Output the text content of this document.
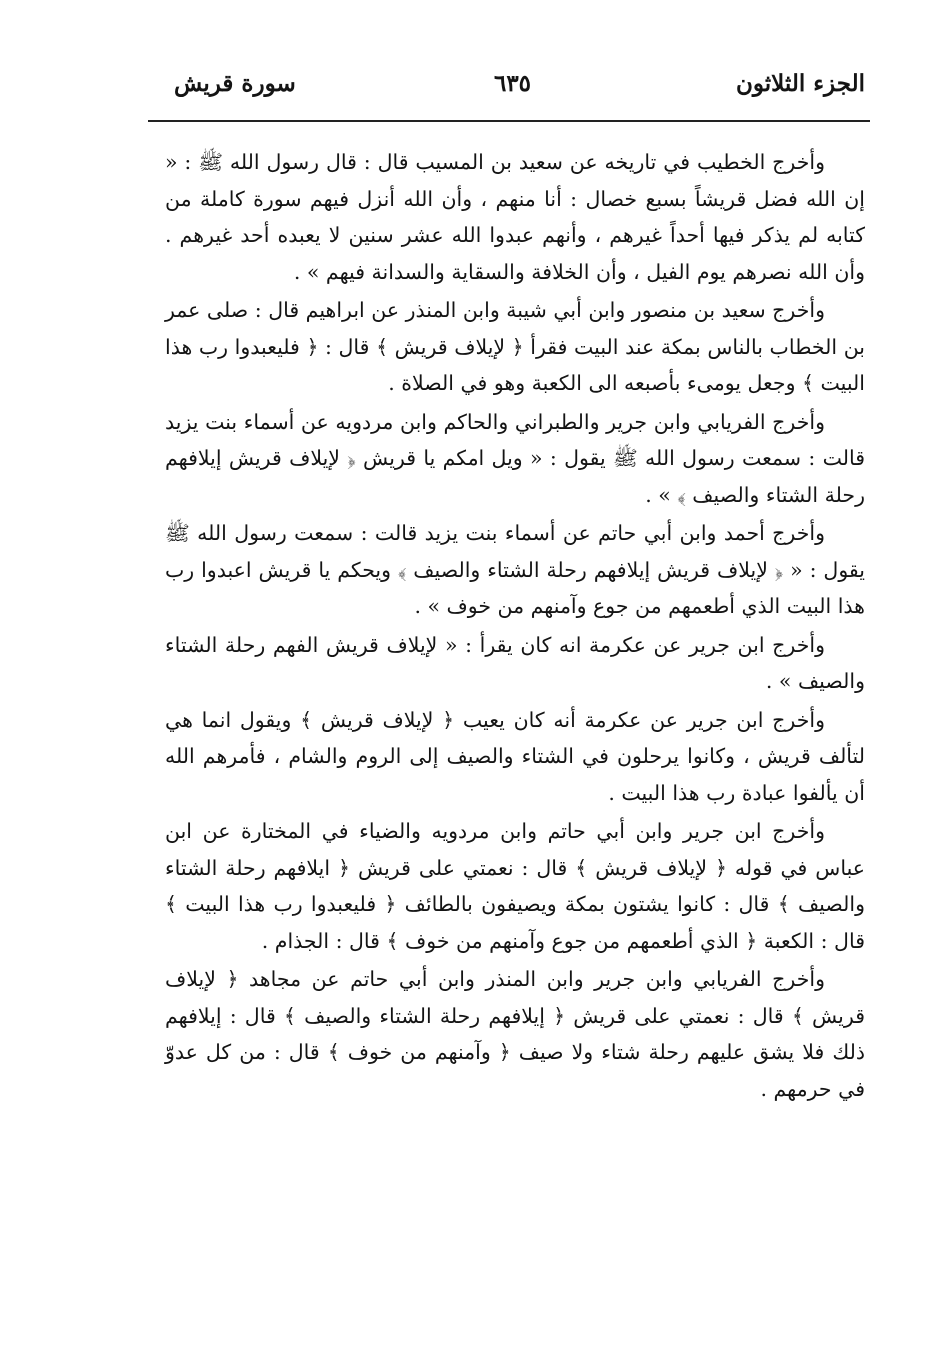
الجزء الثلاثون
٦٣٥
سورة قريش

وأخرج الخطيب في تاريخه عن سعيد بن المسيب قال : قال رسول الله ﷺ : « إن الله فضل قريشاً بسبع خصال : أنا منهم ، وأن الله أنزل فيهم سورة كاملة من كتابه لم يذكر فيها أحداً غيرهم ، وأنهم عبدوا الله عشر سنين لا يعبده أحد غيرهم . وأن الله نصرهم يوم الفيل ، وأن الخلافة والسقاية والسدانة فيهم » .

وأخرج سعيد بن منصور وابن أبي شيبة وابن المنذر عن ابراهيم قال : صلى عمر بن الخطاب بالناس بمكة عند البيت فقرأ ﴿ لإيلاف قريش ﴾ قال : ﴿ فليعبدوا رب هذا البيت ﴾ وجعل يومىء بأصبعه الى الكعبة وهو في الصلاة .

وأخرج الفريابي وابن جرير والطبراني والحاكم وابن مردويه عن أسماء بنت يزيد قالت : سمعت رسول الله ﷺ يقول : « ويل امكم يا قريش ﴿ لإيلاف قريش إيلافهم رحلة الشتاء والصيف ﴾ » .

وأخرج أحمد وابن أبي حاتم عن أسماء بنت يزيد قالت : سمعت رسول الله ﷺ يقول : « ﴿ لإيلاف قريش إيلافهم رحلة الشتاء والصيف ﴾ ويحكم يا قريش اعبدوا رب هذا البيت الذي أطعمهم من جوع وآمنهم من خوف » .

وأخرج ابن جرير عن عكرمة انه كان يقرأ : « لإيلاف قريش الفهم رحلة الشتاء والصيف » .

وأخرج ابن جرير عن عكرمة أنه كان يعيب ﴿ لإيلاف قريش ﴾ ويقول انما هي لتألف قريش ، وكانوا يرحلون في الشتاء والصيف إلى الروم والشام ، فأمرهم الله أن يألفوا عبادة رب هذا البيت .

وأخرج ابن جرير وابن أبي حاتم وابن مردويه والضياء في المختارة عن ابن عباس في قوله ﴿ لإيلاف قريش ﴾ قال : نعمتي على قريش ﴿ ايلافهم رحلة الشتاء والصيف ﴾ قال : كانوا يشتون بمكة ويصيفون بالطائف ﴿ فليعبدوا رب هذا البيت ﴾ قال : الكعبة ﴿ الذي أطعمهم من جوع وآمنهم من خوف ﴾ قال : الجذام .

وأخرج الفريابي وابن جرير وابن المنذر وابن أبي حاتم عن مجاهد ﴿ لإيلاف قريش ﴾ قال : نعمتي على قريش ﴿ إيلافهم رحلة الشتاء والصيف ﴾ قال : إيلافهم ذلك فلا يشق عليهم رحلة شتاء ولا صيف ﴿ وآمنهم من خوف ﴾ قال : من كل عدوّ في حرمهم .
